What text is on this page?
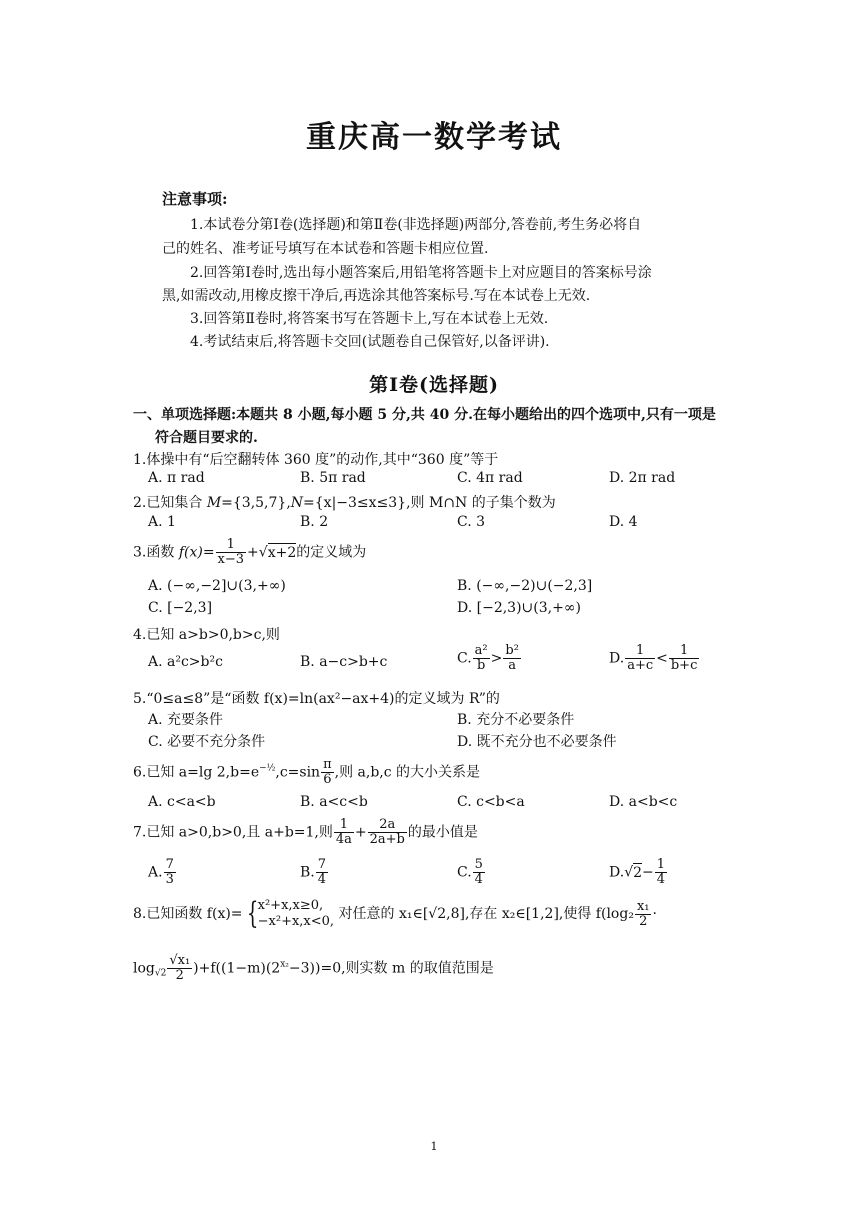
重庆高一数学考试
注意事项:
1.本试卷分第Ⅰ卷(选择题)和第Ⅱ卷(非选择题)两部分,答卷前,考生务必将自
己的姓名、准考证号填写在本试卷和答题卡相应位置.
2.回答第Ⅰ卷时,选出每小题答案后,用铅笔将答题卡上对应题目的答案标号涂
黑,如需改动,用橡皮擦干净后,再选涂其他答案标号.写在本试卷上无效.
3.回答第Ⅱ卷时,将答案书写在答题卡上,写在本试卷上无效.
4.考试结束后,将答题卡交回(试题卷自己保管好,以备评讲).
第Ⅰ卷(选择题)
一、单项选择题:本题共 8 小题,每小题 5 分,共 40 分.在每小题给出的四个选项中,只有一项是
符合题目要求的.
1.体操中有“后空翻转体 360 度”的动作,其中“360 度”等于
A. π rad	B. 5π rad	C. 4π rad	D. 2π rad
2.已知集合 M={3,5,7},N={x|−3≤x≤3},则 M∩N 的子集个数为
A. 1	B. 2	C. 3	D. 4
3.函数 $f(x)= \frac{1}{x-3} +√x+2$的定义域为
A. (−∞,−2]∪(3,+∞)	B. (−∞,−2)∪(−2,3]
C. [−2,3]	D. [−2,3)∪(3,+∞)
4.已知 a>b>0,b>c,则
A. a²c>b²c	B. a−c>b+c	C. $\frac{\text{a²}}{b} > \frac{\text{b²}}{a}$	D. $\frac{1}{a+c} < \frac{1}{b+c}$
5.“0≤a≤8”是“函数 f(x)=ln(ax²−ax+4)的定义域为 R”的
A. 充要条件	B. 充分不必要条件
C. 必要不充分条件	D. 既不充分也不必要条件
6.已知 a=lg $2,b=e^{-\frac{1}{2}},c=\sin \frac{\pi}{6}$ ,则 a,b,c 的大小关系是
A. c<a<b	B. a<c<b	C. c<b<a	D. a<b<c
7.已知 a>0,b>0,且 a+b=1,则 $\frac{1}{4a} + \frac{2a}{2a+b}$ 的最小值是
A. $\frac{7}{3}$	B. $\frac{7}{4}$	C. $\frac{5}{4}$	$D.√2- \frac{1}{4}$
8.已知函数 f(x)= { x²+x,x≥0,
−x²+x,x<0, 对任意的 x₁∈[√2,8],存在 x₂∈[1,2],使得 $f(\log_2 \frac{\text{x₁}}{2}$ ·
$\log_{√2} \frac{\text{√x₁}}{2} )+f((1-m)(2^{x_2}-3))=0$,则实数 m 的取值范围是
1
